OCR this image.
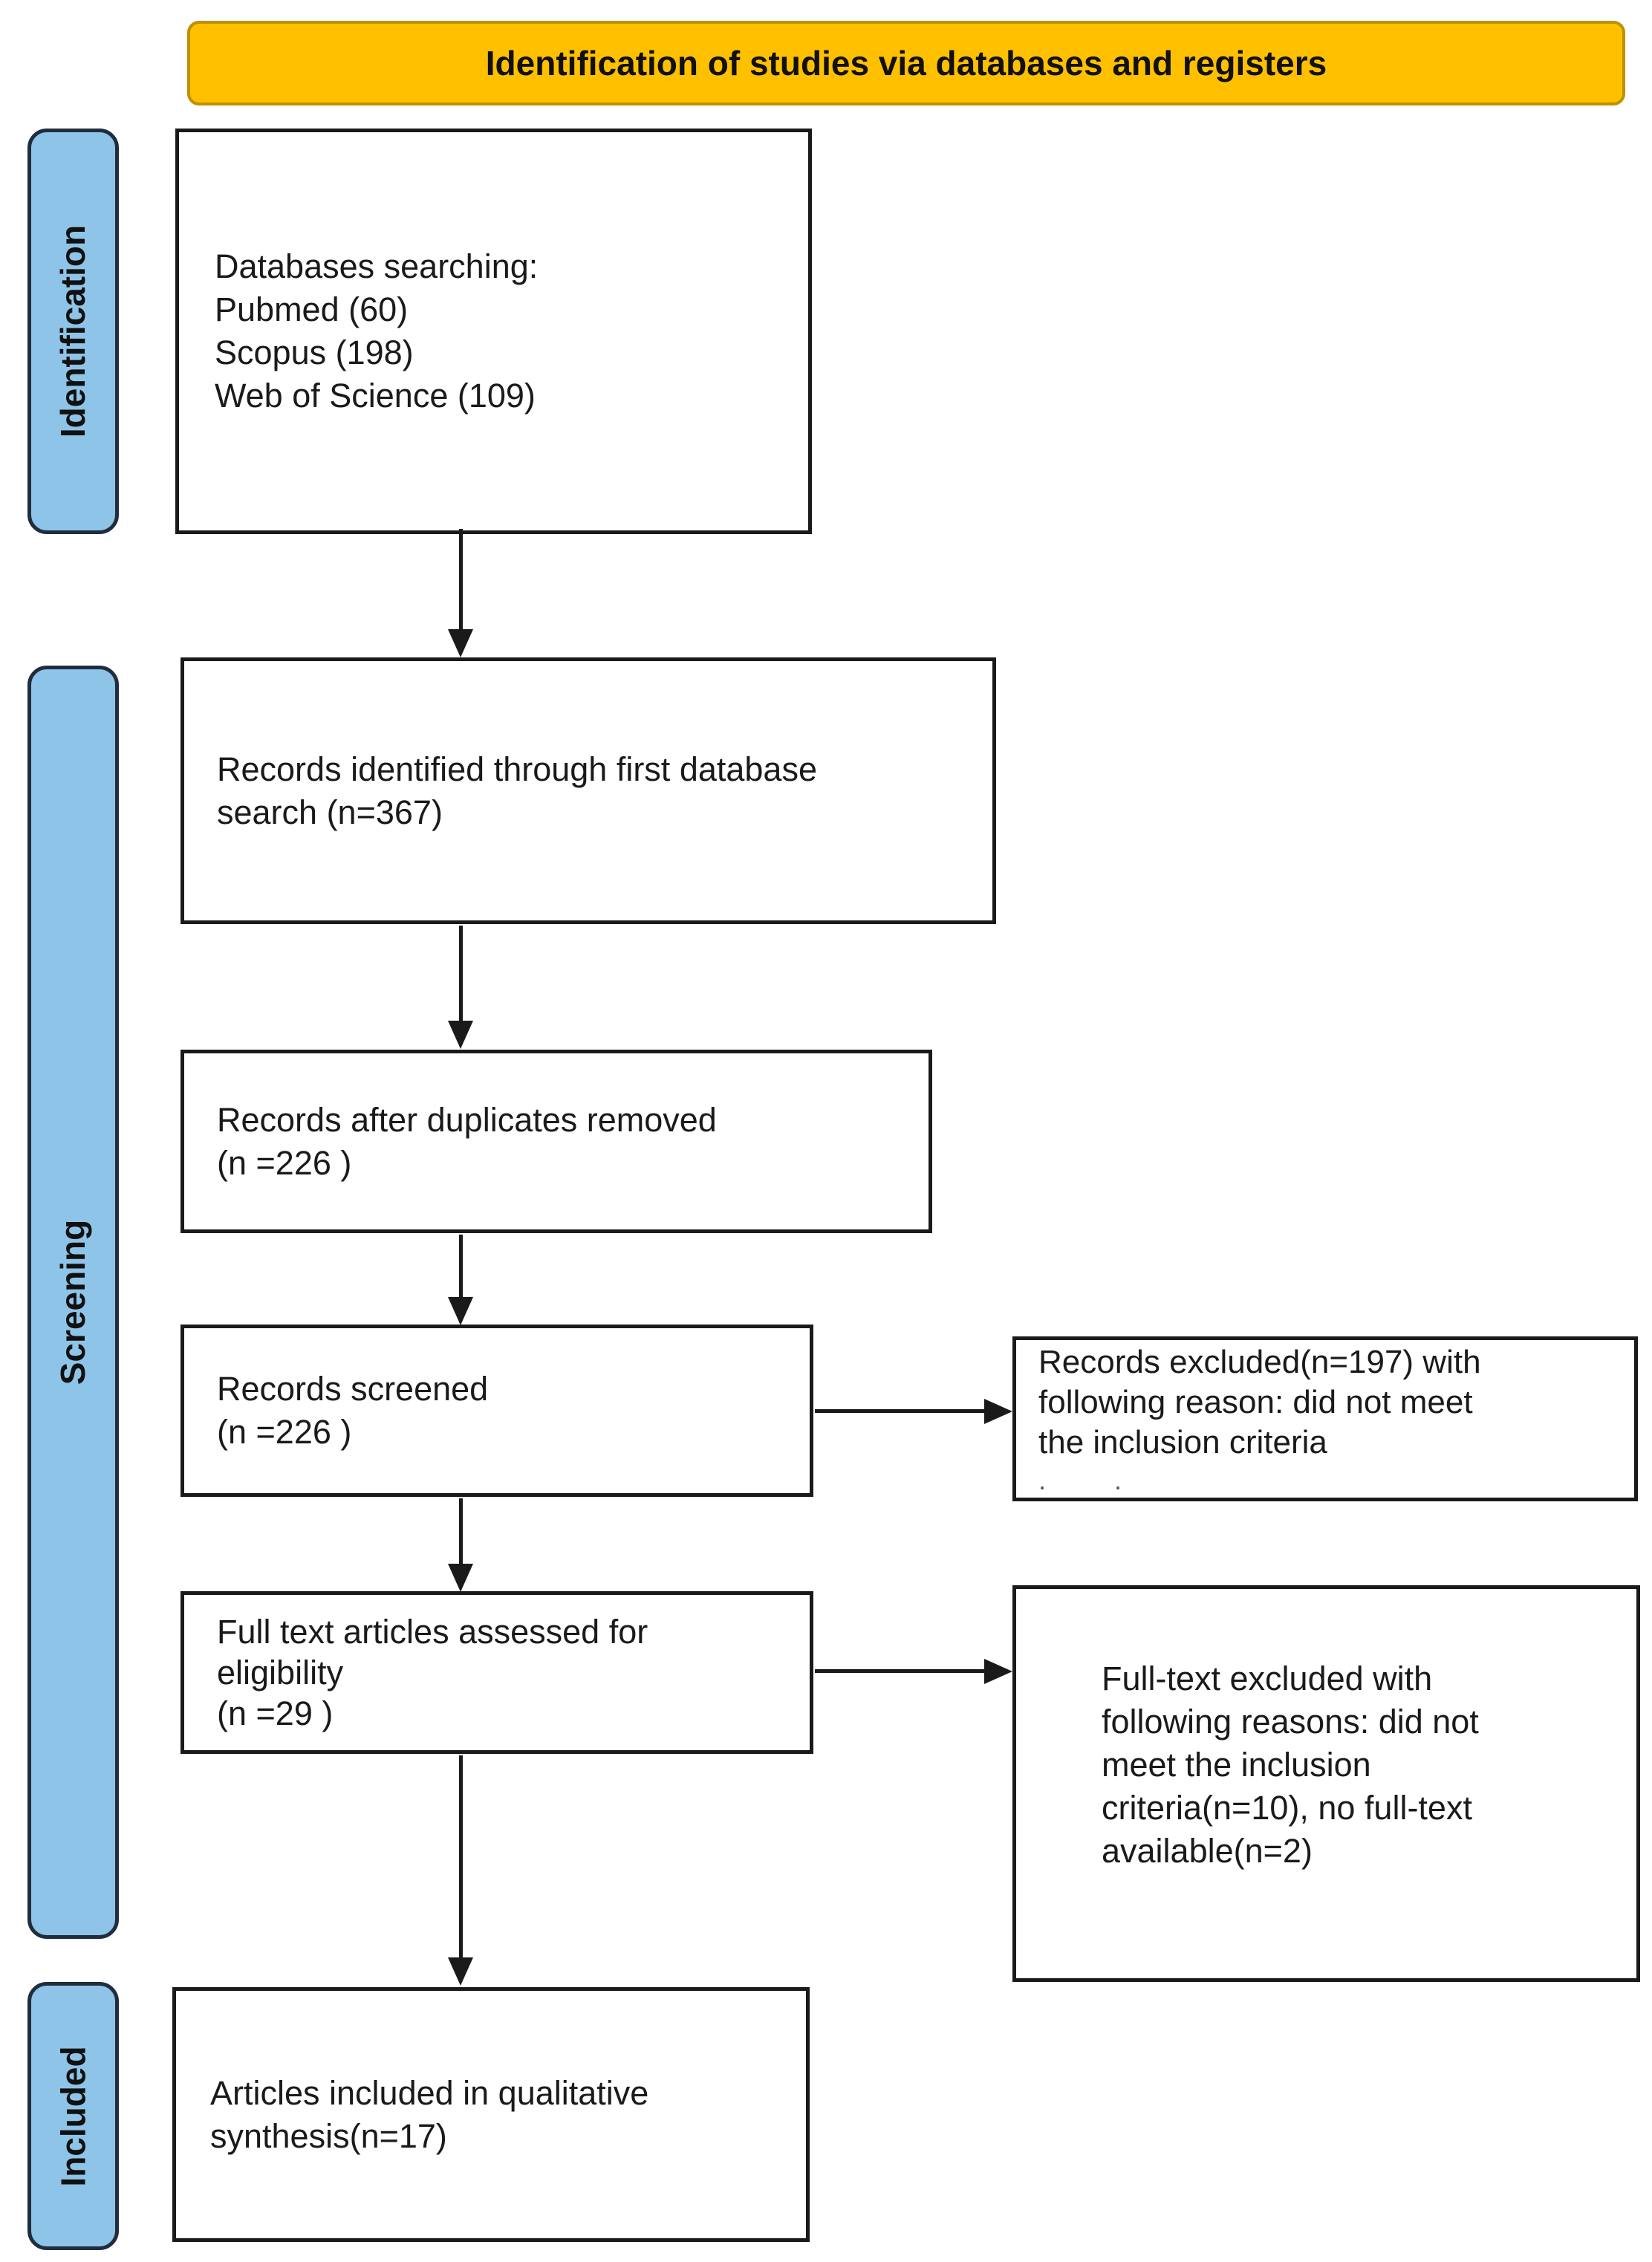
Identification of studies via databases and registers
Identification
Screening
Included
Databases searching:
Pubmed (60)
Scopus (198)
Web of Science (109)
Records identified through first database
search (n=367)
Records after duplicates removed
(n =226 )
Records screened
(n =226 )
Full text articles assessed for
eligibility
(n =29 )
Articles included in qualitative
synthesis(n=17)
Records excluded(n=197) with
following reason: did not meet
the inclusion criteria
..
Full-text excluded with
following reasons: did not
meet the inclusion
criteria(n=10), no full-text
available(n=2)
